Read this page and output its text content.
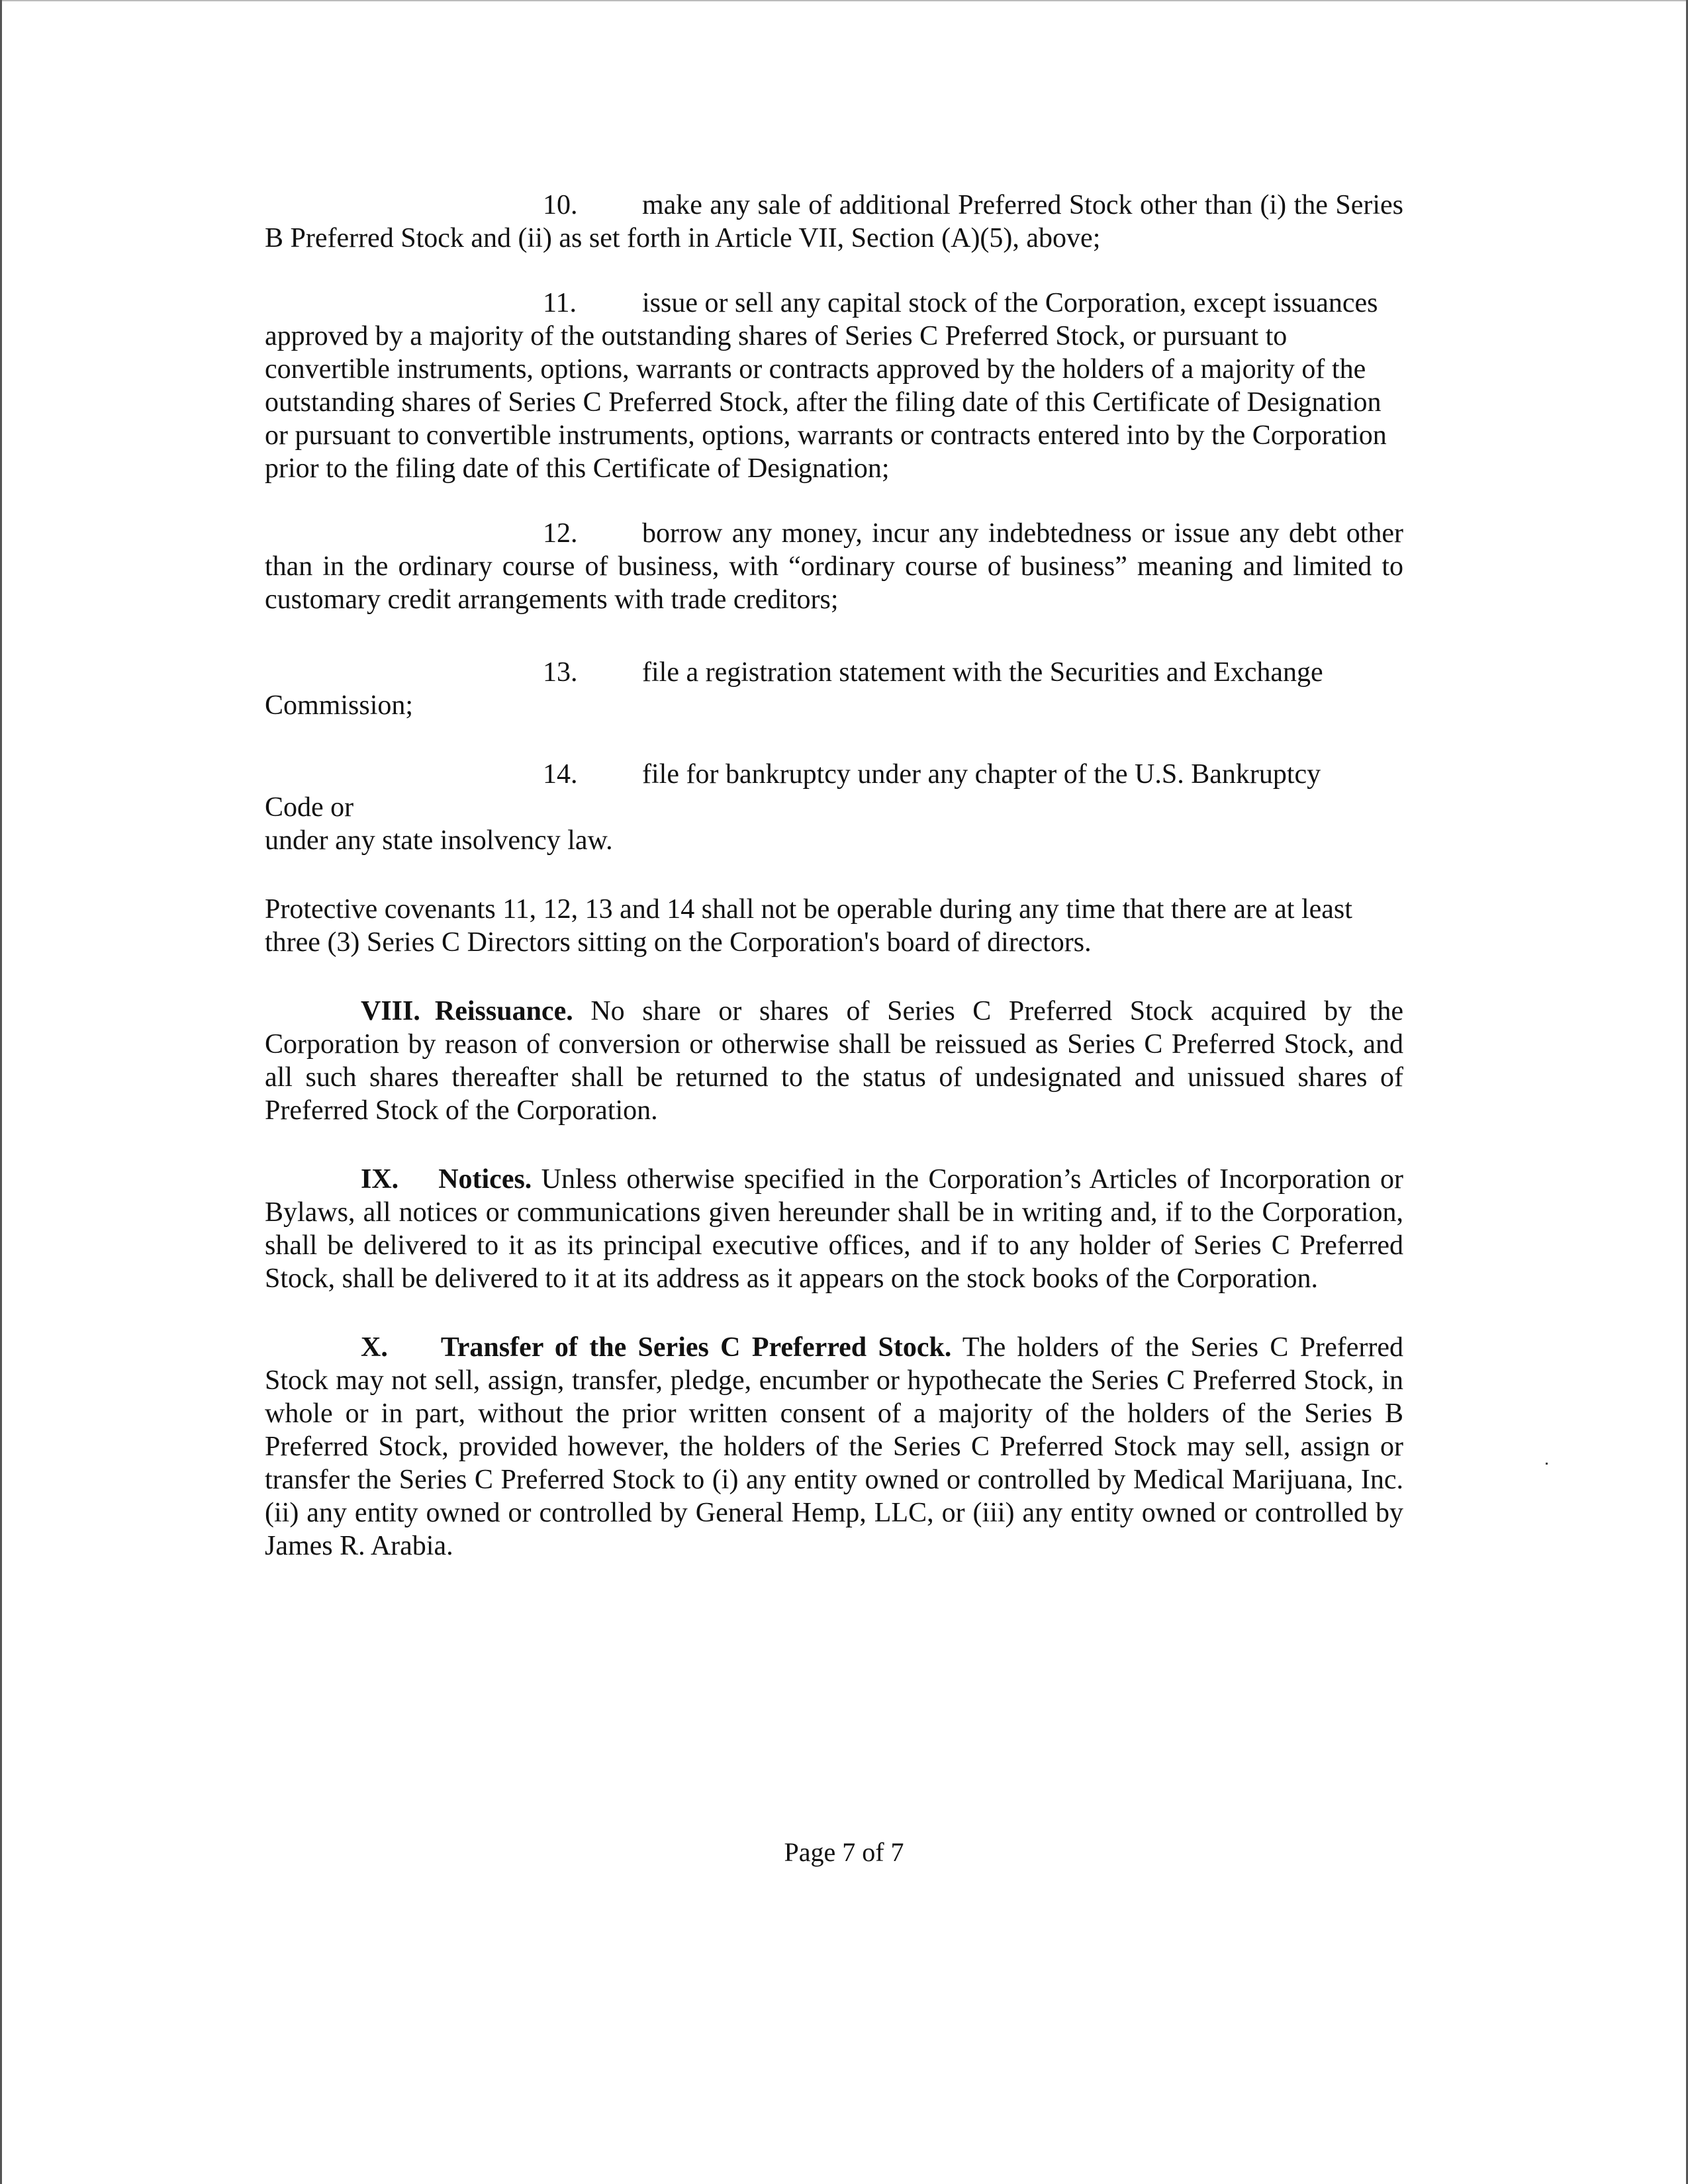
10. make any sale of additional Preferred Stock other than (i) the Series B Preferred Stock and (ii) as set forth in Article VII, Section (A)(5), above;

11. issue or sell any capital stock of the Corporation, except issuances approved by a majority of the outstanding shares of Series C Preferred Stock, or pursuant to convertible instruments, options, warrants or contracts approved by the holders of a majority of the outstanding shares of Series C Preferred Stock, after the filing date of this Certificate of Designation or pursuant to convertible instruments, options, warrants or contracts entered into by the Corporation prior to the filing date of this Certificate of Designation;

12. borrow any money, incur any indebtedness or issue any debt other than in the ordinary course of business, with “ordinary course of business” meaning and limited to customary credit arrangements with trade creditors;

13. file a registration statement with the Securities and Exchange

Commission;

14. file for bankruptcy under any chapter of the U.S. Bankruptcy

Code or

under any state insolvency law.

Protective covenants 11, 12, 13 and 14 shall not be operable during any time that there are at least three (3) Series C Directors sitting on the Corporation's board of directors.

VIII. Reissuance. No share or shares of Series C Preferred Stock acquired by the Corporation by reason of conversion or otherwise shall be reissued as Series C Preferred Stock, and all such shares thereafter shall be returned to the status of undesignated and unissued shares of Preferred Stock of the Corporation.

IX. Notices. Unless otherwise specified in the Corporation’s Articles of Incorporation or Bylaws, all notices or communications given hereunder shall be in writing and, if to the Corporation, shall be delivered to it as its principal executive offices, and if to any holder of Series C Preferred Stock, shall be delivered to it at its address as it appears on the stock books of the Corporation.

X. Transfer of the Series C Preferred Stock. The holders of the Series C Preferred Stock may not sell, assign, transfer, pledge, encumber or hypothecate the Series C Preferred Stock, in whole or in part, without the prior written consent of a majority of the holders of the Series B Preferred Stock, provided however, the holders of the Series C Preferred Stock may sell, assign or transfer the Series C Preferred Stock to (i) any entity owned or controlled by Medical Marijuana, Inc. (ii) any entity owned or controlled by General Hemp, LLC, or (iii) any entity owned or controlled by James R. Arabia.

Page 7 of 7
